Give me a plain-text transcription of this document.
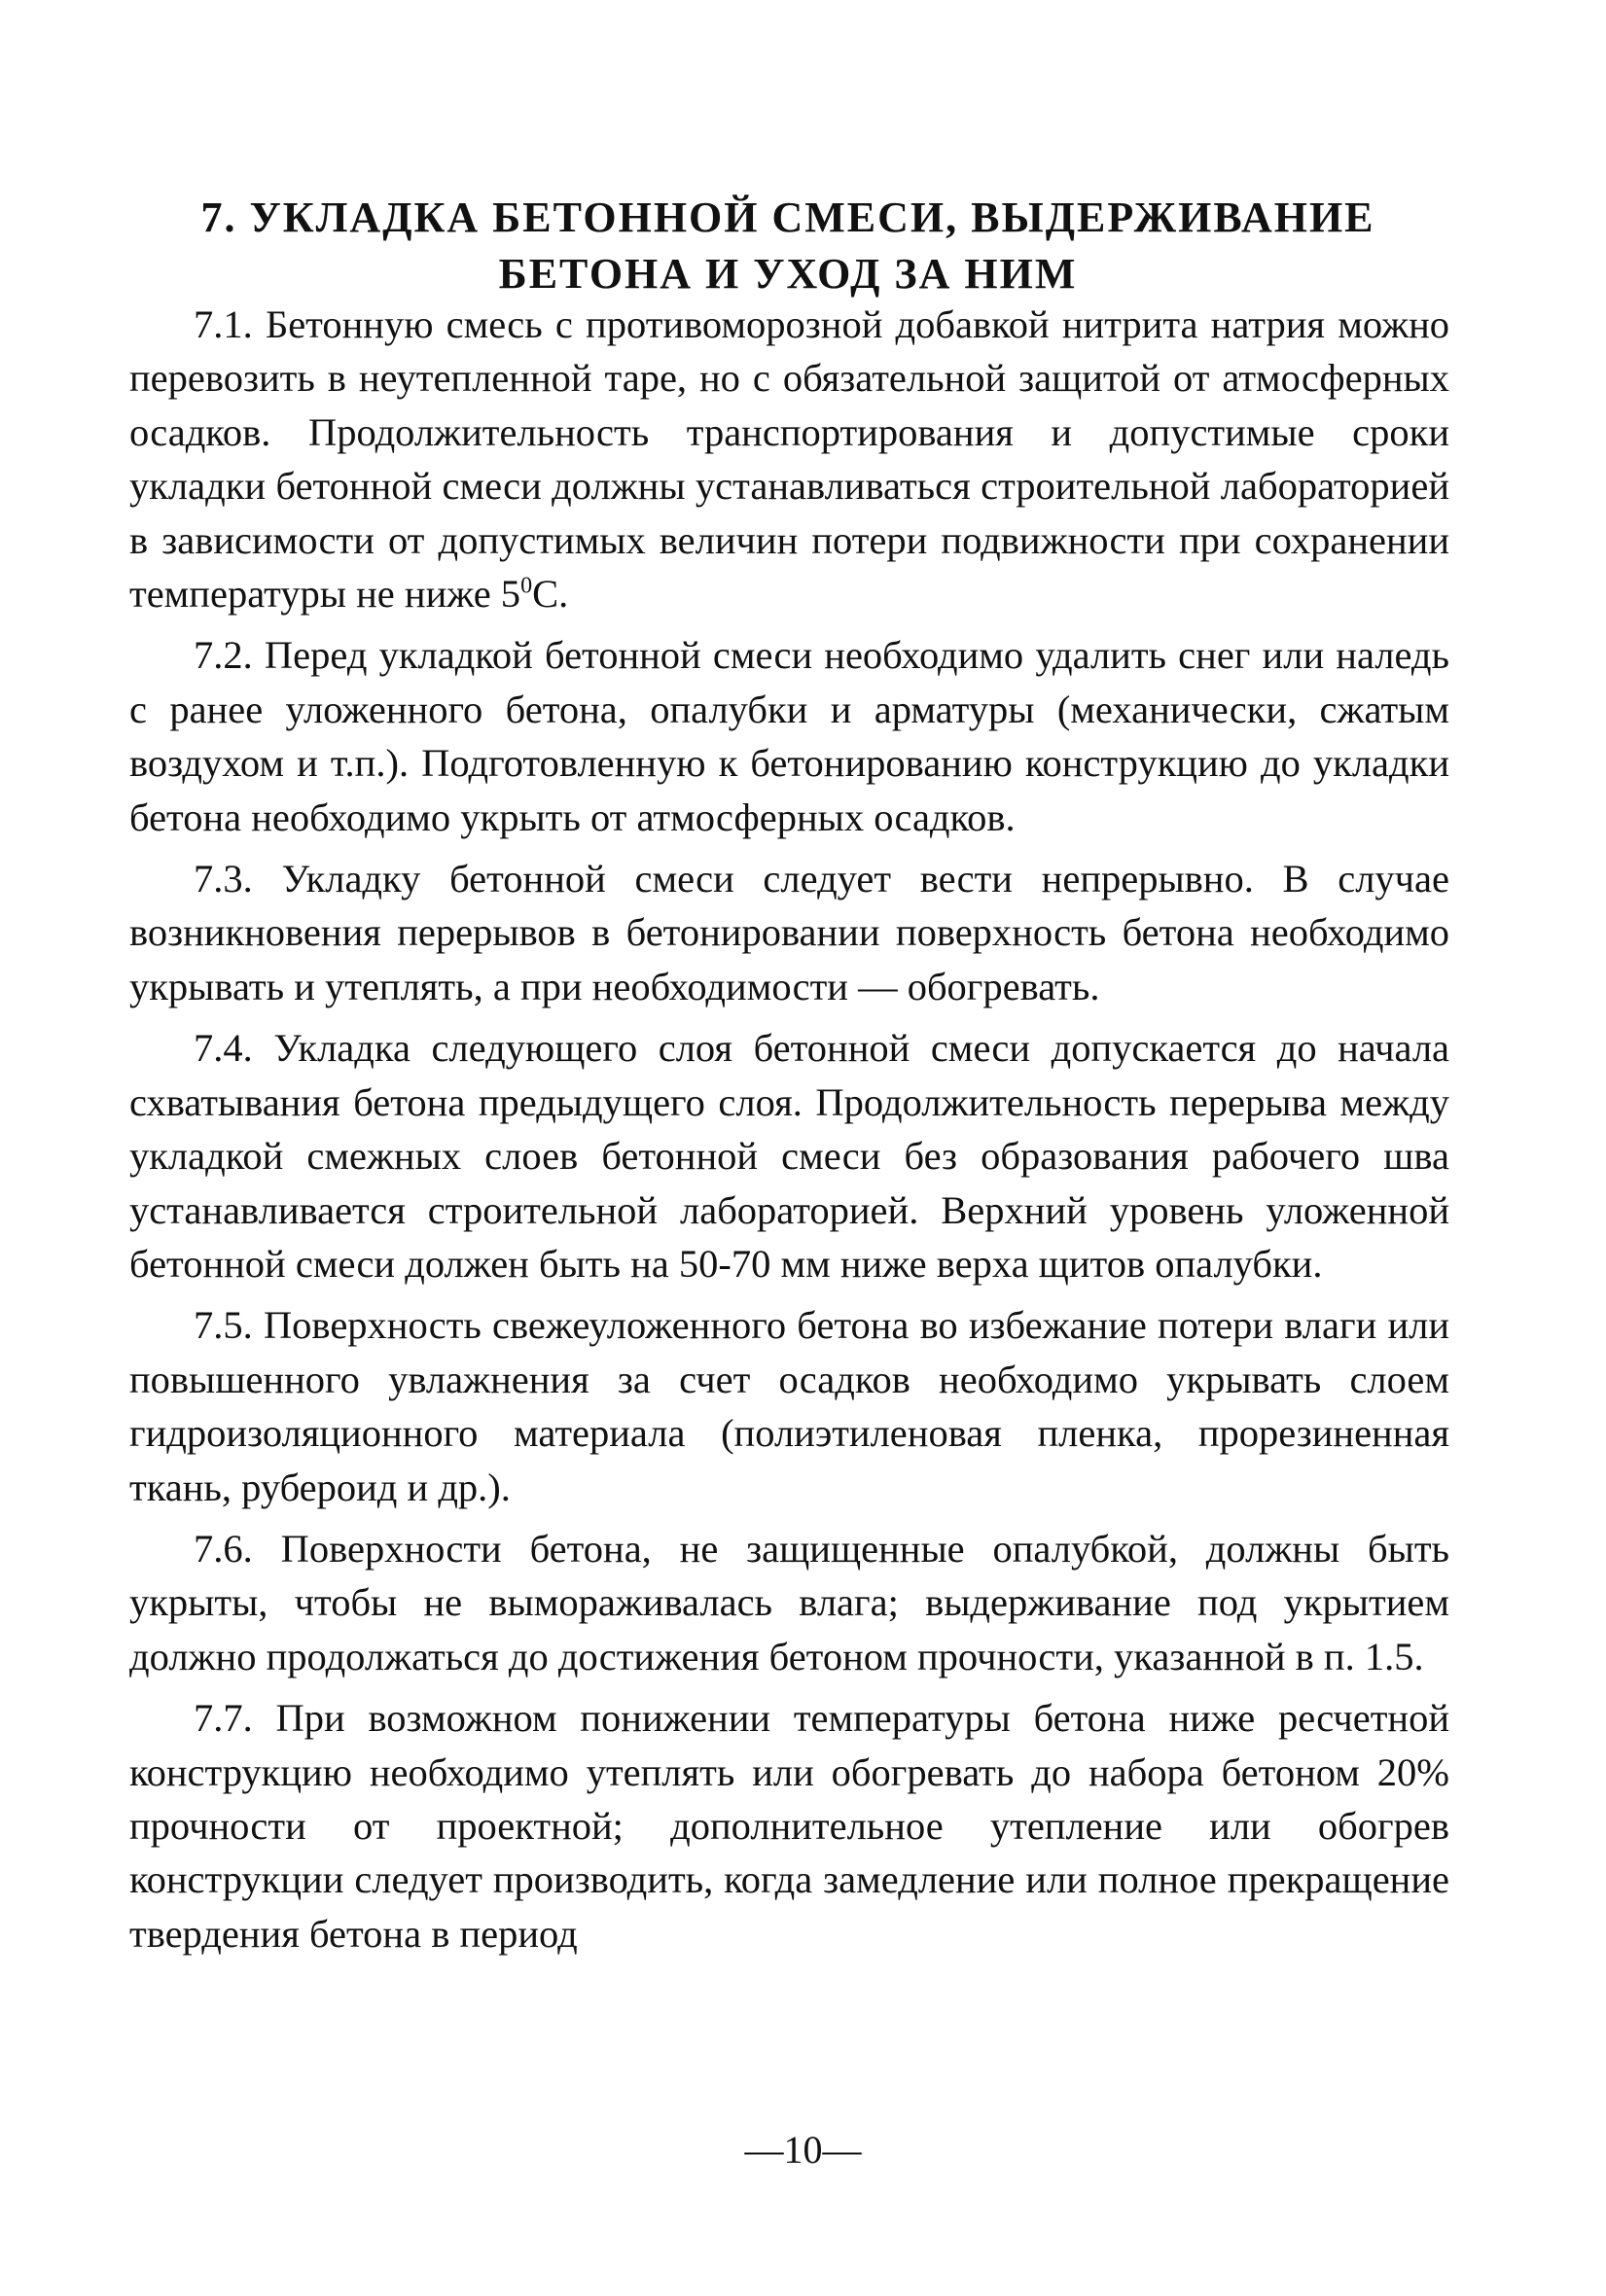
7. УКЛАДКА БЕТОННОЙ СМЕСИ, ВЫДЕРЖИВАНИЕ
БЕТОНА И УХОД ЗА НИМ

7.1. Бетонную смесь с противоморозной добавкой нитрита натрия можно перевозить в неутепленной таре, но с обязательной защитой от атмосферных осадков. Продолжительность транспортирования и допустимые сроки укладки бетонной смеси должны устанавливаться строительной лабораторией в зависимости от допустимых величин потери подвижности при сохранении температуры не ниже $5^0С$.

7.2. Перед укладкой бетонной смеси необходимо удалить снег или наледь с ранее уложенного бетона, опалубки и арматуры (механически, сжатым воздухом и т.п.). Подготовленную к бетонированию конструкцию до укладки бетона необходимо укрыть от атмосферных осадков.

7.3. Укладку бетонной смеси следует вести непрерывно. В случае возникновения перерывов в бетонировании поверхность бетона необходимо укрывать и утеплять, а при необходимости — обогревать.

7.4. Укладка следующего слоя бетонной смеси допускается до начала схватывания бетона предыдущего слоя. Продолжительность перерыва между укладкой смежных слоев бетонной смеси без образования рабочего шва устанавливается строительной лабораторией. Верхний уровень уложенной бетонной смеси должен быть на 50-70 мм ниже верха щитов опалубки.

7.5. Поверхность свежеуложенного бетона во избежание потери влаги или повышенного увлажнения за счет осадков необходимо укрывать слоем гидроизоляционного материала (полиэтиленовая пленка, прорезиненная ткань, рубероид и др.).

7.6. Поверхности бетона, не защищенные опалубкой, должны быть укрыты, чтобы не вымораживалась влага; выдерживание под укрытием должно продолжаться до достижения бетоном прочности, указанной в п. 1.5.

7.7. При возможном понижении температуры бетона ниже ресчетной конструкцию необходимо утеплять или обогревать до набора бетоном 20% прочности от проектной; дополнительное утепление или обогрев конструкции следует производить, когда замедление или полное прекращение твердения бетона в период

—10—
